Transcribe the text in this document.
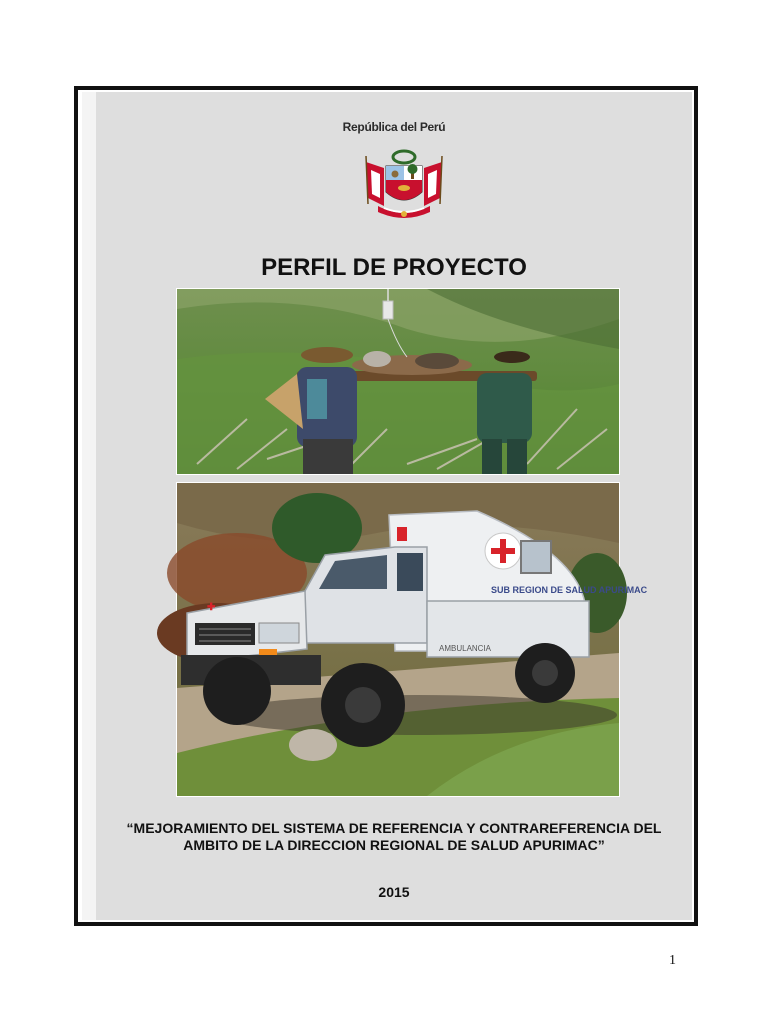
República del Perú
PERFIL DE PROYECTO
SUB REGION DE SALUD APURIMAC
✚
AMBULANCIA
“MEJORAMIENTO DEL SISTEMA DE REFERENCIA Y CONTRAREFERENCIA DEL AMBITO DE LA DIRECCION REGIONAL DE SALUD APURIMAC”
2015
1
